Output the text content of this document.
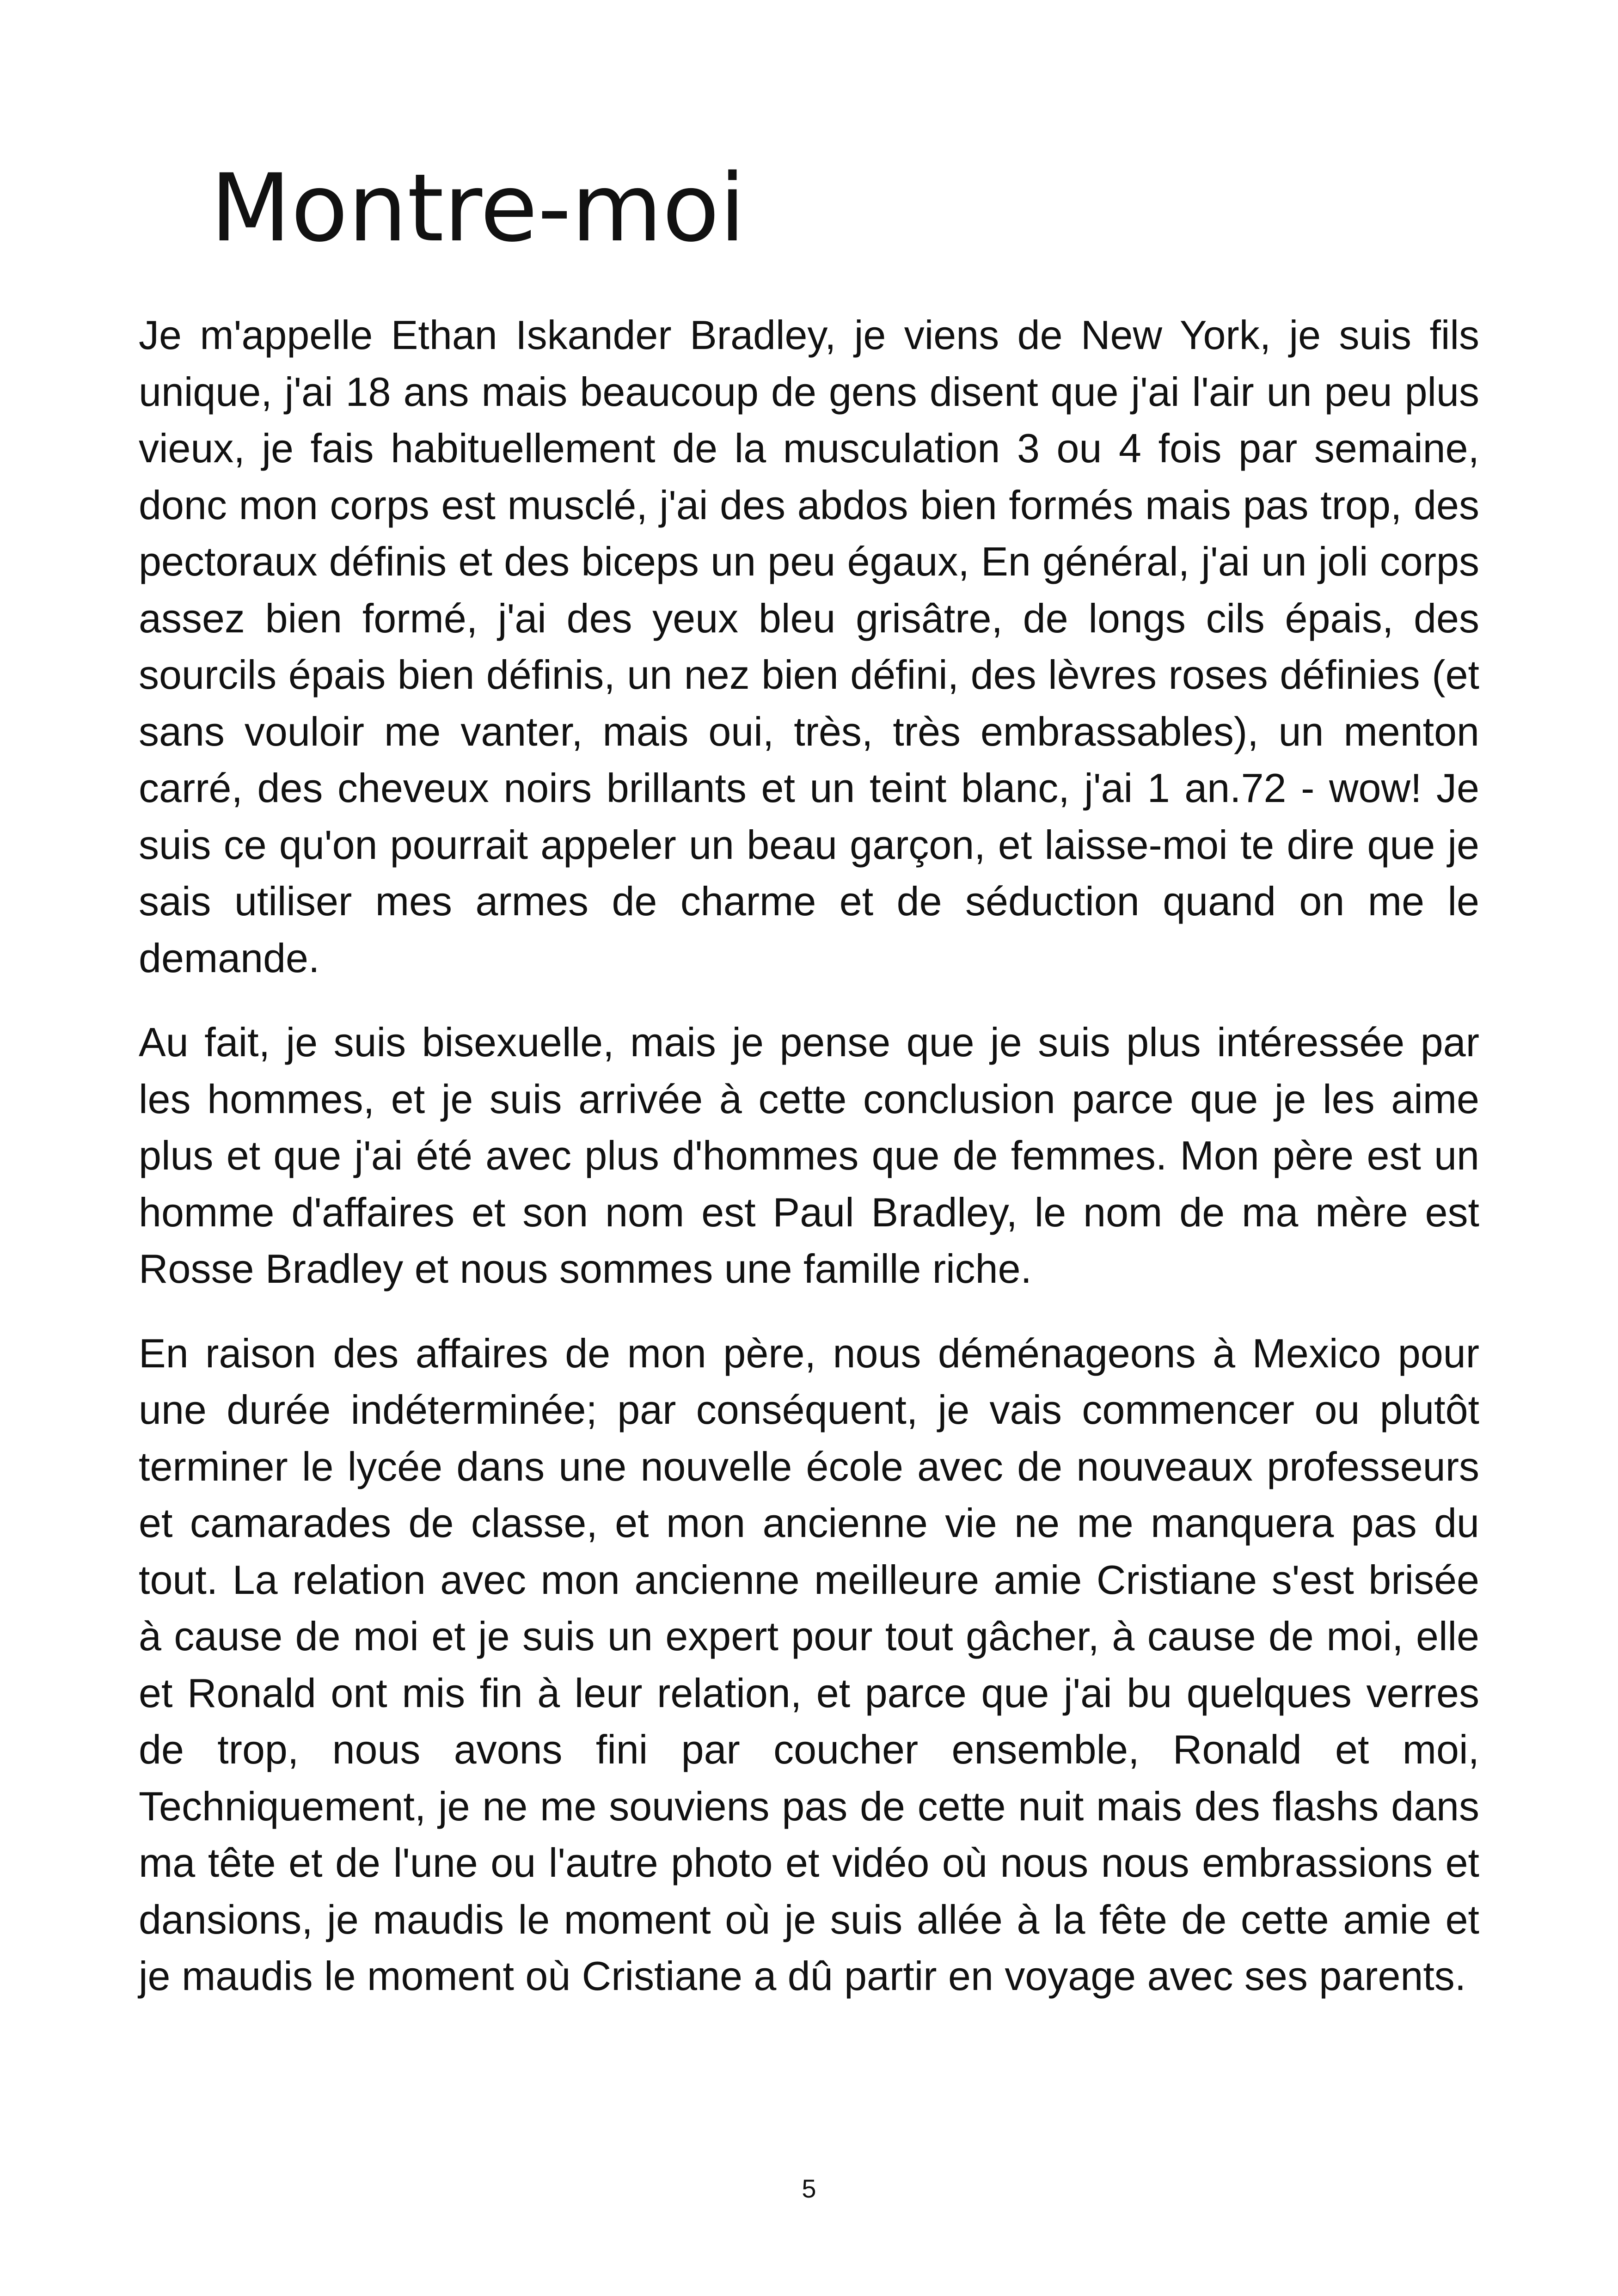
Montre-moi

Je m'appelle Ethan Iskander Bradley, je viens de New York, je suis fils unique, j'ai 18 ans mais beaucoup de gens disent que j'ai l'air un peu plus vieux, je fais habituellement de la musculation 3 ou 4 fois par semaine, donc mon corps est musclé, j'ai des abdos bien formés mais pas trop, des pectoraux définis et des biceps un peu égaux, En général, j'ai un joli corps assez bien formé, j'ai des yeux bleu grisâtre, de longs cils épais, des sourcils épais bien définis, un nez bien défini, des lèvres roses définies (et sans vouloir me vanter, mais oui, très, très embrassables), un menton carré, des cheveux noirs brillants et un teint blanc, j'ai 1 an.72 - wow! Je suis ce qu'on pourrait appeler un beau garçon, et laisse-moi te dire que je sais utiliser mes armes de charme et de séduction quand on me le demande.

Au fait, je suis bisexuelle, mais je pense que je suis plus intéressée par les hommes, et je suis arrivée à cette conclusion parce que je les aime plus et que j'ai été avec plus d'hommes que de femmes. Mon père est un homme d'affaires et son nom est Paul Bradley, le nom de ma mère est Rosse Bradley et nous sommes une famille riche.

En raison des affaires de mon père, nous déménageons à Mexico pour une durée indéterminée; par conséquent, je vais commencer ou plutôt terminer le lycée dans une nouvelle école avec de nouveaux professeurs et camarades de classe, et mon ancienne vie ne me manquera pas du tout. La relation avec mon ancienne meilleure amie Cristiane s'est brisée à cause de moi et je suis un expert pour tout gâcher, à cause de moi, elle et Ronald ont mis fin à leur relation, et parce que j'ai bu quelques verres de trop, nous avons fini par coucher ensemble, Ronald et moi, Techniquement, je ne me souviens pas de cette nuit mais des flashs dans ma tête et de l'une ou l'autre photo et vidéo où nous nous embrassions et dansions, je maudis le moment où je suis allée à la fête de cette amie et je maudis le moment où Cristiane a dû partir en voyage avec ses parents.

5
